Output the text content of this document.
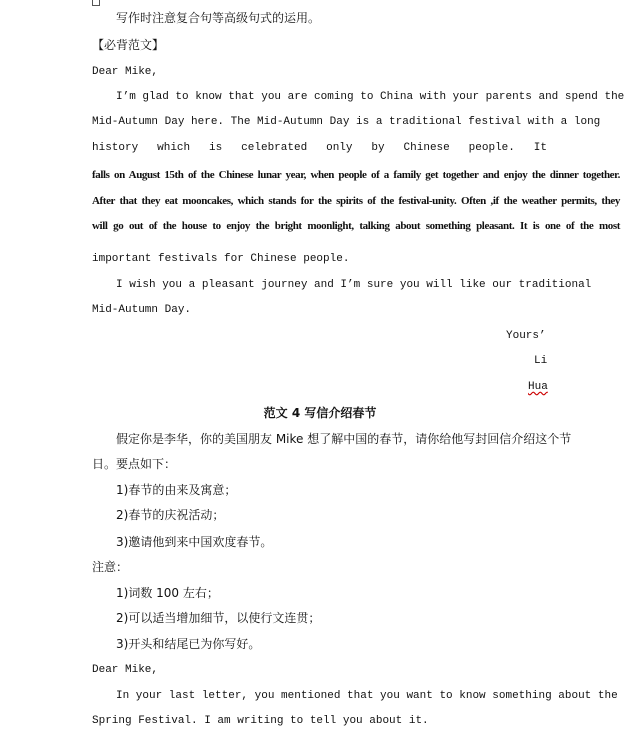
写作时注意复合句等高级句式的运用。
【必背范文】
Dear Mike,
I’m glad to know that you are coming to China with your parents and spend the
Mid-Autumn Day here. The Mid-Autumn Day is a traditional festival with a long
history which is celebrated only by Chinese people. It
falls on August 15th of the Chinese lunar year, when people of a family get together and enjoy the dinner together.
After that they eat mooncakes, which stands for the spirits of the festival-unity. Often ,if the weather permits, they
will go out of the house to enjoy the bright moonlight, talking about something pleasant. It is one of the most
important festivals for Chinese people.
I wish you a pleasant journey and I’m sure you will like our traditional
Mid-Autumn Day.
Yours’
Li
Hua
范文 4 写信介绍春节
假定你是李华，你的美国朋友 Mike 想了解中国的春节，请你给他写封回信介绍这个节
日。要点如下：
1)春节的由来及寓意；
2)春节的庆祝活动；
3)邀请他到来中国欢度春节。
注意：
1)词数 100 左右；
2)可以适当增加细节，以使行文连贯；
3)开头和结尾已为你写好。
Dear Mike,
In your last letter, you mentioned that you want to know something about the
Spring Festival. I am writing to tell you about it.
